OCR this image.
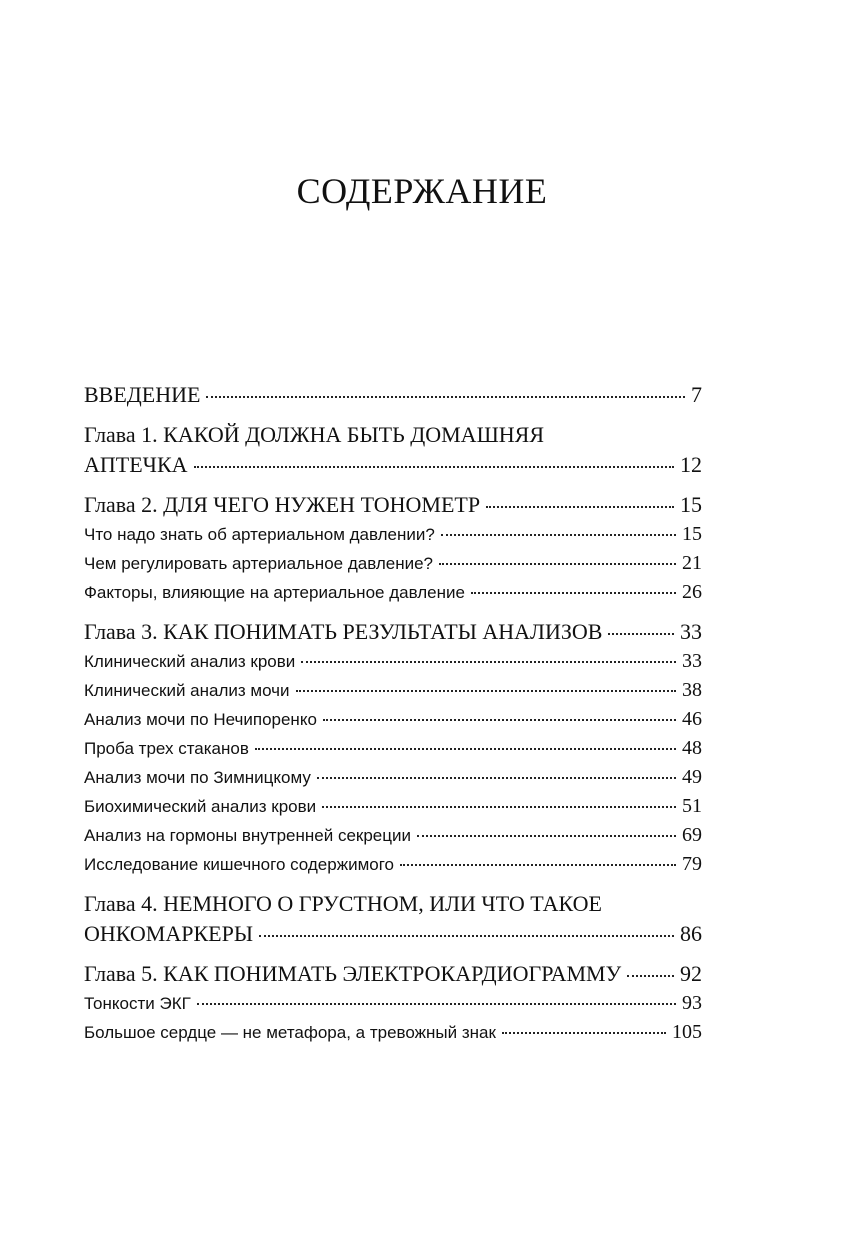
СОДЕРЖАНИЕ
ВВЕДЕНИЕ	7
Глава 1. КАКОЙ ДОЛЖНА БЫТЬ ДОМАШНЯЯ
АПТЕЧКА	12
Глава 2. ДЛЯ ЧЕГО НУЖЕН ТОНОМЕТР	15
Что надо знать об артериальном давлении?	15
Чем регулировать артериальное давление?	21
Факторы, влияющие на артериальное давление	26
Глава 3. КАК ПОНИМАТЬ РЕЗУЛЬТАТЫ АНАЛИЗОВ	33
Клинический анализ крови	33
Клинический анализ мочи	38
Анализ мочи по Нечипоренко	46
Проба трех стаканов	48
Анализ мочи по Зимницкому	49
Биохимический анализ крови	51
Анализ на гормоны внутренней секреции	69
Исследование кишечного содержимого	79
Глава 4. НЕМНОГО О ГРУСТНОМ, ИЛИ ЧТО ТАКОЕ
ОНКОМАРКЕРЫ	86
Глава 5. КАК ПОНИМАТЬ ЭЛЕКТРОКАРДИОГРАММУ	92
Тонкости ЭКГ	93
Большое сердце — не метафора, а тревожный знак	105
